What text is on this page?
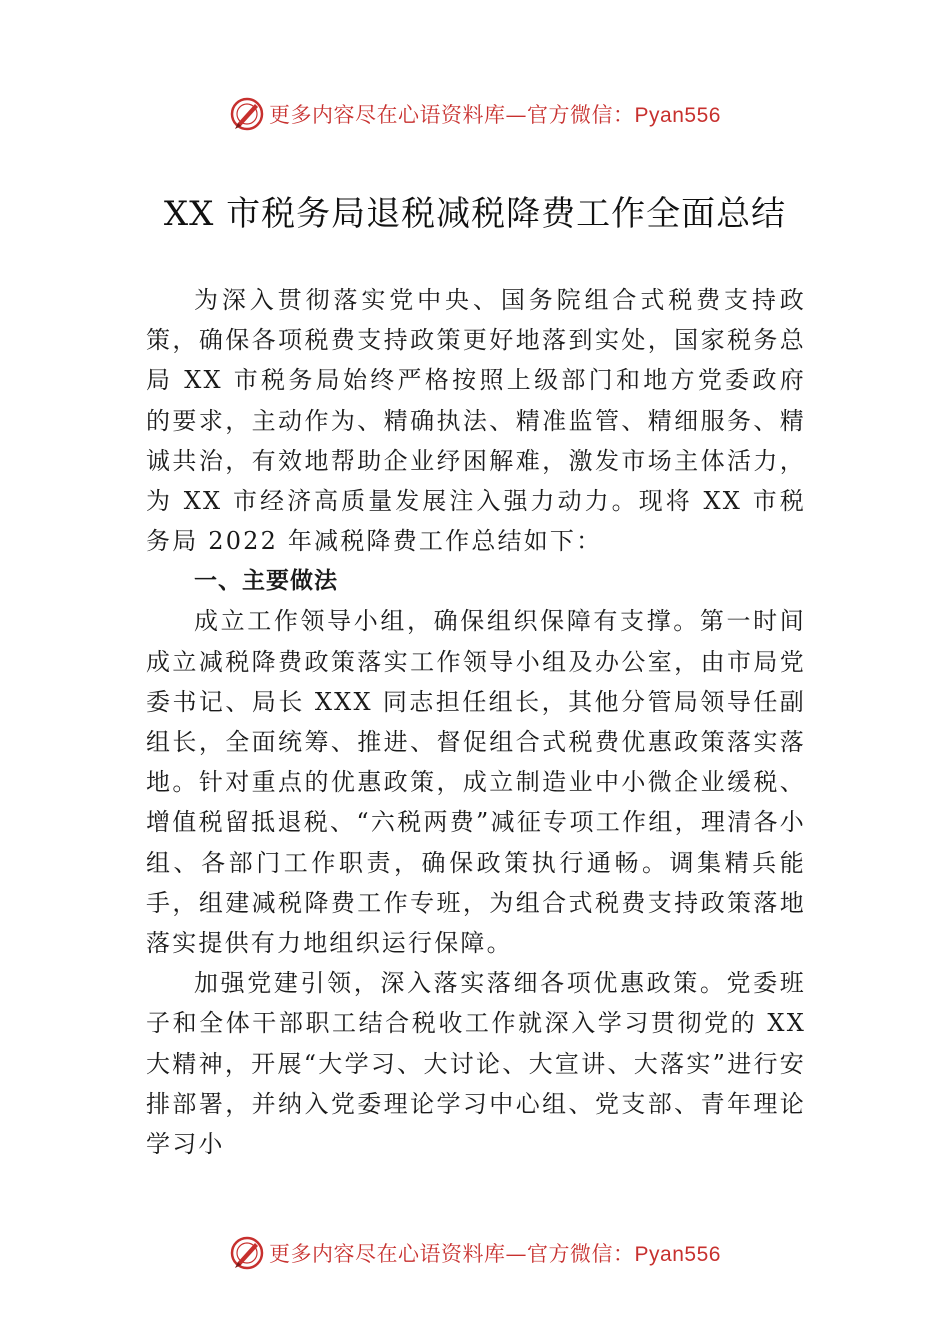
更多内容尽在心语资料库—官方微信：Pyan556
XX 市税务局退税减税降费工作全面总结

为深入贯彻落实党中央、国务院组合式税费支持政策，确保各项税费支持政策更好地落到实处，国家税务总局 XX 市税务局始终严格按照上级部门和地方党委政府的要求，主动作为、精确执法、精准监管、精细服务、精诚共治，有效地帮助企业纾困解难，激发市场主体活力，为 XX 市经济高质量发展注入强力动力。现将 XX 市税务局 2022 年减税降费工作总结如下：

一、主要做法

成立工作领导小组，确保组织保障有支撑。第一时间成立减税降费政策落实工作领导小组及办公室，由市局党委书记、局长 XXX 同志担任组长，其他分管局领导任副组长，全面统筹、推进、督促组合式税费优惠政策落实落地。针对重点的优惠政策，成立制造业中小微企业缓税、增值税留抵退税、“六税两费”减征专项工作组，理清各小组、各部门工作职责，确保政策执行通畅。调集精兵能手，组建减税降费工作专班，为组合式税费支持政策落地落实提供有力地组织运行保障。

加强党建引领，深入落实落细各项优惠政策。党委班子和全体干部职工结合税收工作就深入学习贯彻党的 XX 大精神，开展“大学习、大讨论、大宣讲、大落实”进行安排部署，并纳入党委理论学习中心组、党支部、青年理论学习小

更多内容尽在心语资料库—官方微信：Pyan556
